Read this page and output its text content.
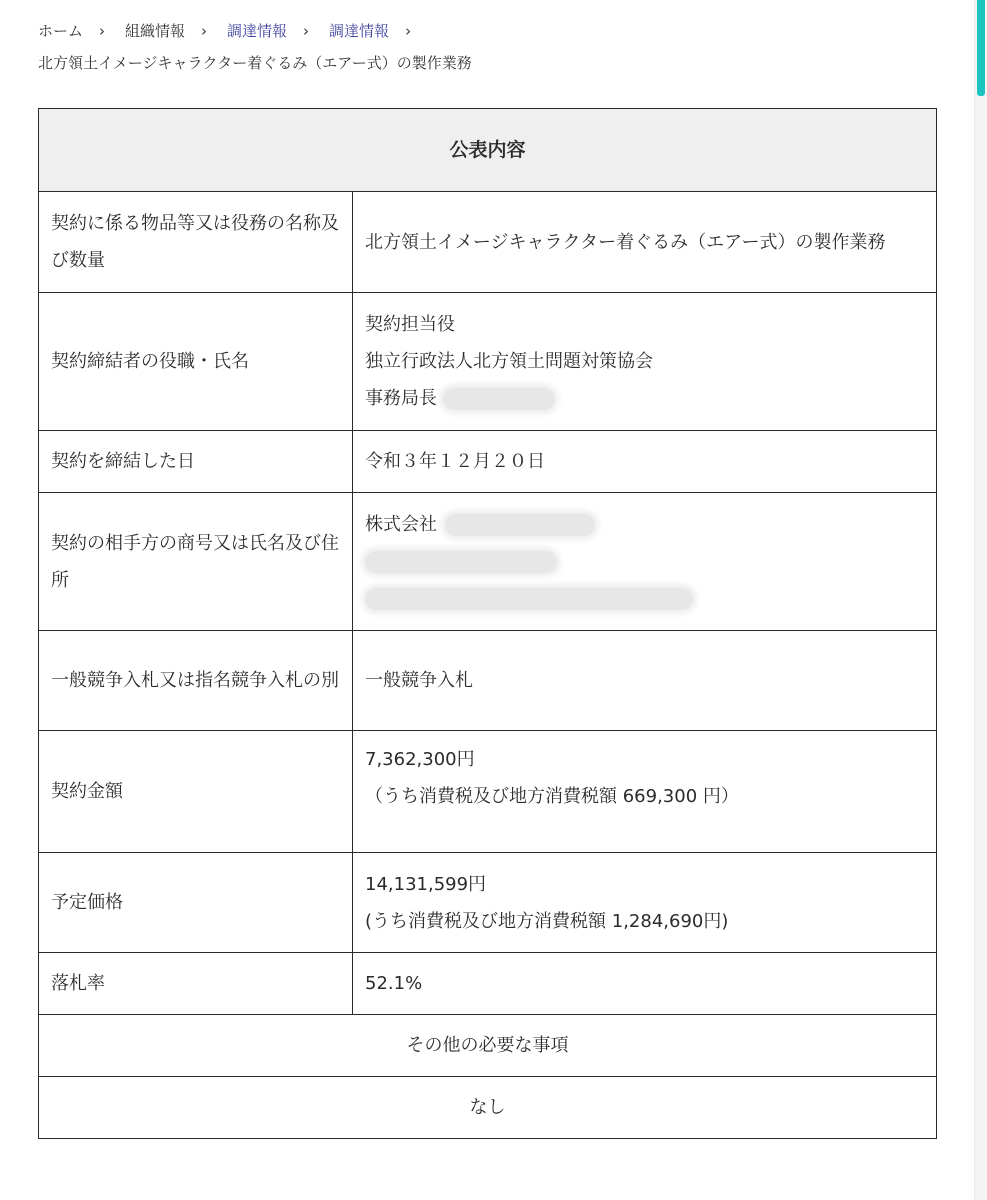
ホーム › 組織情報 › 調達情報 › 調達情報 ›
北方領土イメージキャラクター着ぐるみ（エアー式）の製作業務
公表内容	
契約に係る物品等又は役務の名称及び数量	北方領土イメージキャラクター着ぐるみ（エアー式）の製作業務
契約締結者の役職・氏名	契約担当役
独立行政法人北方領土問題対策協会
事務局長

契約を締結した日	令和３年１２月２０日
契約の相手方の商号又は氏名及び住所	株式会社

一般競争入札又は指名競争入札の別	一般競争入札
契約金額	7,362,300円
（うち消費税及び地方消費税額 669,300 円）

予定価格	14,131,599円
(うち消費税及び地方消費税額 1,284,690円)

落札率	52.1%
その他の必要な事項	
なし	
